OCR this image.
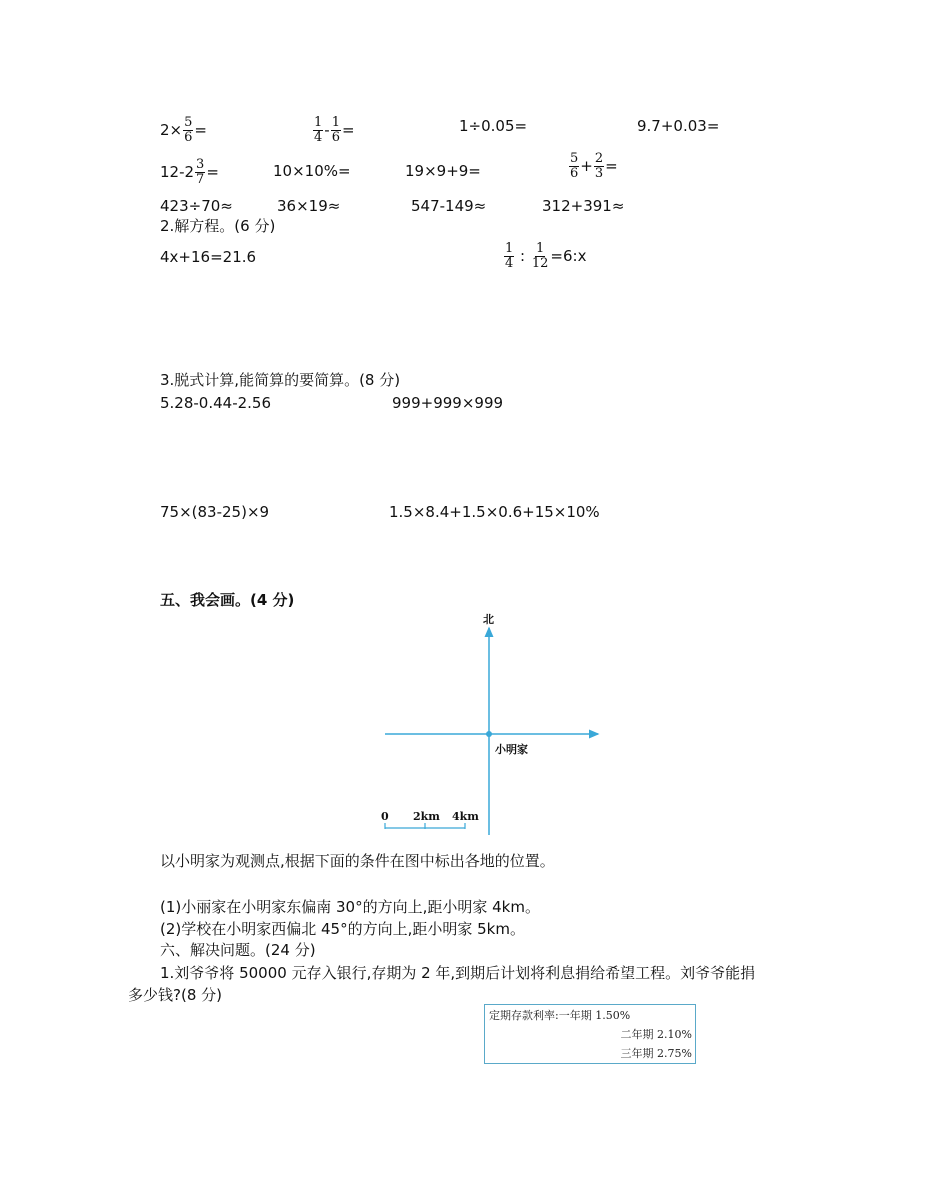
$2\times \frac{5}{6}$ =	$\frac{1}{4} - \frac{1}{6}$ =	1÷0.05=	9.7+0.03=
$12-2 \frac{3}{7}$ =	10×10%=	19×9+9=	$\frac{5}{6} + \frac{2}{3}$ =
423÷70≈	36×19≈	547-149≈	312+391≈
2.解方程。(6 分)
4x+16=21.6	$\frac{1}{4}$ : $\frac{1}{12}$ =6:x
3.脱式计算,能简算的要简算。(8 分)
5.28-0.44-2.56	999+999×999
75×(83-25)×9	1.5×8.4+1.5×0.6+15×10%
五、我会画。(4 分)
北
小明家
0 2km 4km
以小明家为观测点,根据下面的条件在图中标出各地的位置。
(1)小丽家在小明家东偏南 30°的方向上,距小明家 4km。
(2)学校在小明家西偏北 45°的方向上,距小明家 5km。
六、解决问题。(24 分)
1.刘爷爷将 50000 元存入银行,存期为 2 年,到期后计划将利息捐给希望工程。刘爷爷能捐
多少钱?(8 分)
定期存款利率:一年期 1.50%
二年期 2.10%
三年期 2.75%
